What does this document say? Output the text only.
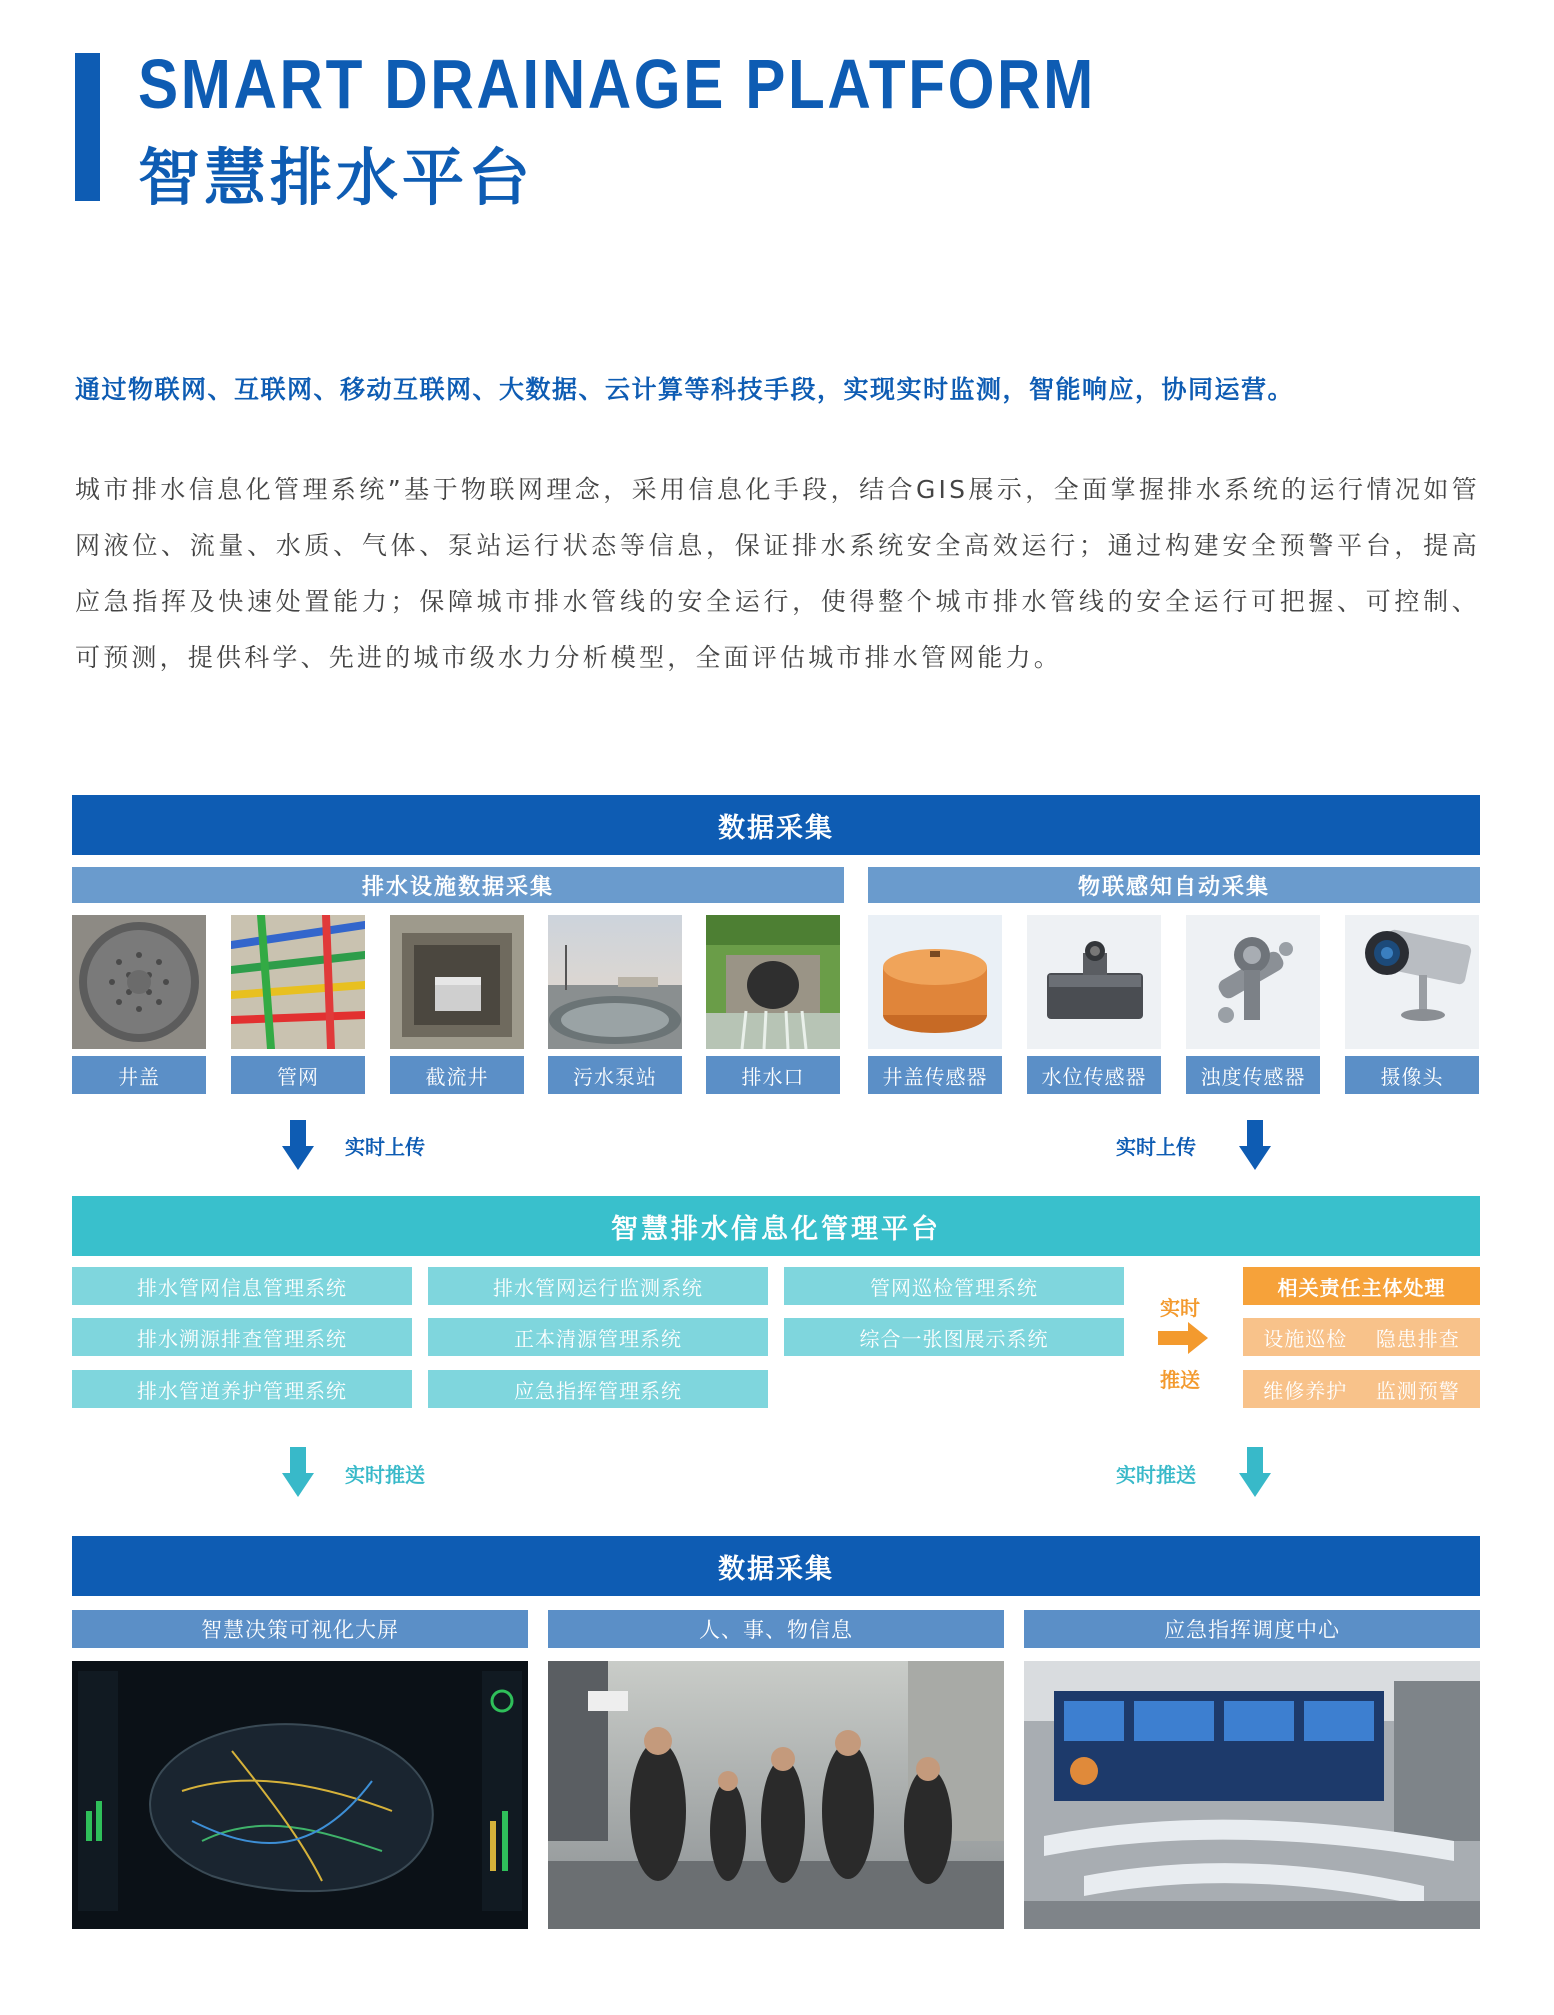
SMART DRAINAGE PLATFORM
智慧排水平台
通过物联网、互联网、移动互联网、大数据、云计算等科技手段，实现实时监测，智能响应，协同运营。
城市排水信息化管理系统”基于物联网理念，采用信息化手段，结合GIS展示，全面掌握排水系统的运行情况如管网液位、流量、水质、气体、泵站运行状态等信息，保证排水系统安全高效运行；通过构建安全预警平台，提高应急指挥及快速处置能力；保障城市排水管线的安全运行，使得整个城市排水管线的安全运行可把握、可控制、可预测，提供科学、先进的城市级水力分析模型，全面评估城市排水管网能力。
数据采集
排水设施数据采集	物联感知自动采集
井盖	管网	截流井	污水泵站	排水口	井盖传感器	水位传感器	浊度传感器	摄像头
实时上传	实时上传
智慧排水信息化管理平台
排水管网信息管理系统
排水溯源排查管理系统
排水管道养护管理系统
排水管网运行监测系统
正本清源管理系统
应急指挥管理系统
管网巡检管理系统
综合一张图展示系统
实时
推送
相关责任主体处理
设施巡检 隐患排查
维修养护 监测预警
实时推送	实时推送
数据采集
智慧决策可视化大屏	人、事、物信息	应急指挥调度中心
